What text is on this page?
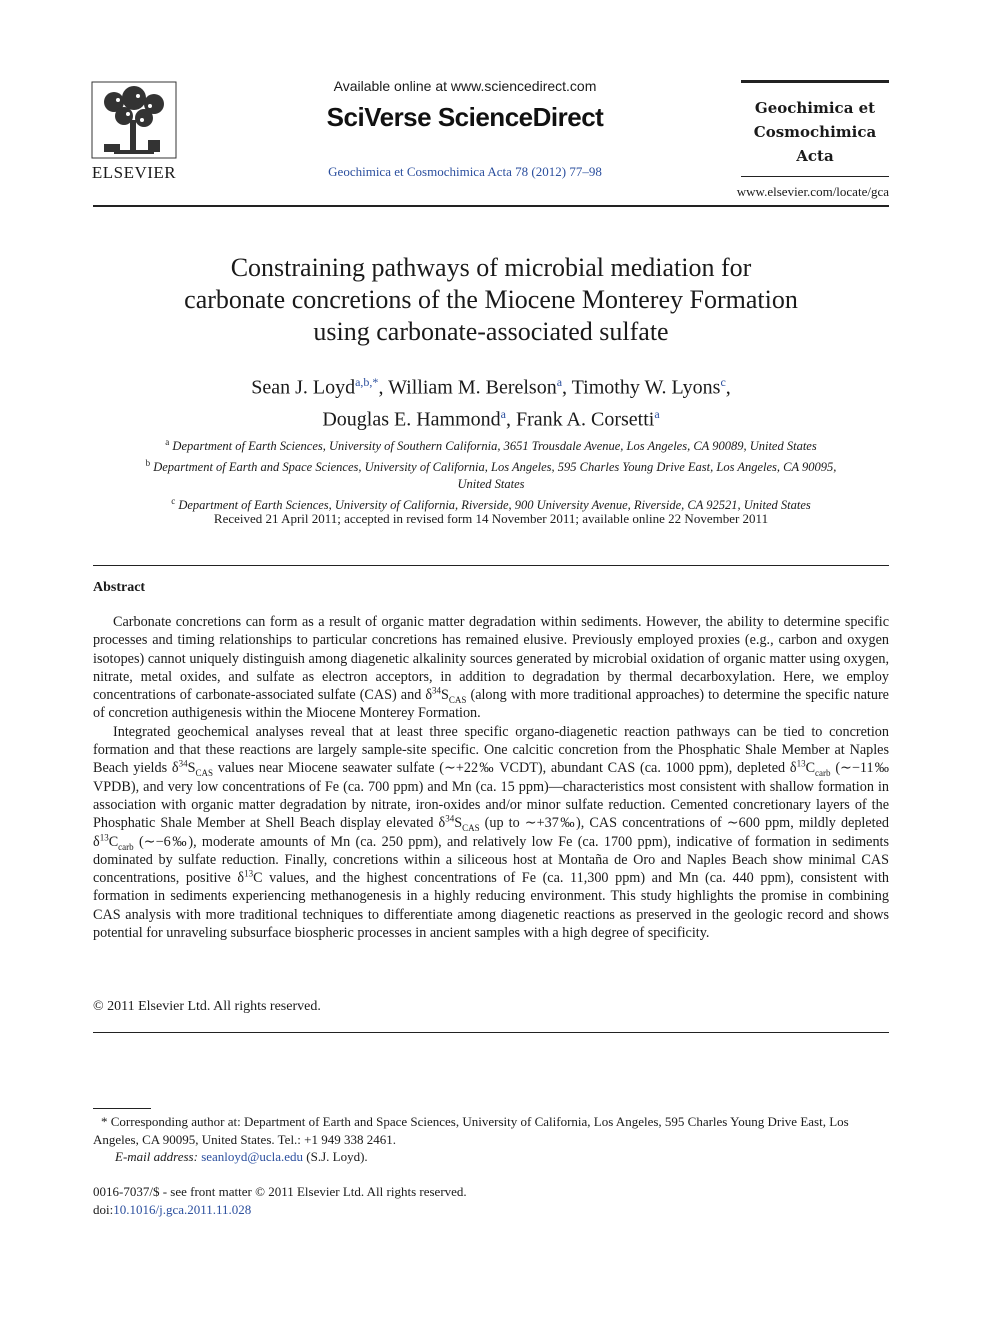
ELSEVIER
Available online at www.sciencedirect.com
SciVerse ScienceDirect
Geochimica et Cosmochimica Acta 78 (2012) 77–98
Geochimica et
Cosmochimica
Acta
www.elsevier.com/locate/gca
Constraining pathways of microbial mediation for
carbonate concretions of the Miocene Monterey Formation
using carbonate-associated sulfate
Sean J. Loyd$^{a,b,*}$, William M. Berelson$^a$, Timothy W. Lyons$^c$,
Douglas E. Hammond$^a$, Frank A. Corsetti$^a$
$^a$ Department of Earth Sciences, University of Southern California, 3651 Trousdale Avenue, Los Angeles, CA 90089, United States
$^b$ Department of Earth and Space Sciences, University of California, Los Angeles, 595 Charles Young Drive East, Los Angeles, CA 90095,
United States
$^c$ Department of Earth Sciences, University of California, Riverside, 900 University Avenue, Riverside, CA 92521, United States
Received 21 April 2011; accepted in revised form 14 November 2011; available online 22 November 2011
Abstract

Carbonate concretions can form as a result of organic matter degradation within sediments. However, the ability to determine specific processes and timing relationships to particular concretions has remained elusive. Previously employed proxies (e.g., carbon and oxygen isotopes) cannot uniquely distinguish among diagenetic alkalinity sources generated by microbial oxidation of organic matter using oxygen, nitrate, metal oxides, and sulfate as electron acceptors, in addition to degradation by thermal decarboxylation. Here, we employ concentrations of carbonate-associated sulfate (CAS) and $\delta^{34}S_{CAS}$ (along with more traditional approaches) to determine the specific nature of concretion authigenesis within the Miocene Monterey Formation.

Integrated geochemical analyses reveal that at least three specific organo-diagenetic reaction pathways can be tied to concretion formation and that these reactions are largely sample-site specific. One calcitic concretion from the Phosphatic Shale Member at Naples Beach yields $\delta^{34}S_{CAS}$ values near Miocene seawater sulfate (∼+22‰ VCDT), abundant CAS (ca. 1000 ppm), depleted $\delta^{13}C_{carb}$ (∼−11‰ VPDB), and very low concentrations of Fe (ca. 700 ppm) and Mn (ca. 15 ppm)—characteristics most consistent with shallow formation in association with organic matter degradation by nitrate, iron-oxides and/or minor sulfate reduction. Cemented concretionary layers of the Phosphatic Shale Member at Shell Beach display elevated $\delta^{34}S_{CAS}$ (up to ∼+37‰), CAS concentrations of ∼600 ppm, mildly depleted $\delta^{13}C_{carb}$ (∼−6‰), moderate amounts of Mn (ca. 250 ppm), and relatively low Fe (ca. 1700 ppm), indicative of formation in sediments dominated by sulfate reduction. Finally, concretions within a siliceous host at Montaña de Oro and Naples Beach show minimal CAS concentrations, positive $\delta^{13}C$ values, and the highest concentrations of Fe (ca. 11,300 ppm) and Mn (ca. 440 ppm), consistent with formation in sediments experiencing methanogenesis in a highly reducing environment. This study highlights the promise in combining CAS analysis with more traditional techniques to differentiate among diagenetic reactions as preserved in the geologic record and shows potential for unraveling subsurface biospheric processes in ancient samples with a high degree of specificity.

© 2011 Elsevier Ltd. All rights reserved.

* Corresponding author at: Department of Earth and Space Sciences, University of California, Los Angeles, 595 Charles Young Drive East, Los Angeles, CA 90095, United States. Tel.: +1 949 338 2461.

E-mail address: seanloyd@ucla.edu (S.J. Loyd).

0016-7037/$ - see front matter © 2011 Elsevier Ltd. All rights reserved.

doi:10.1016/j.gca.2011.11.028
